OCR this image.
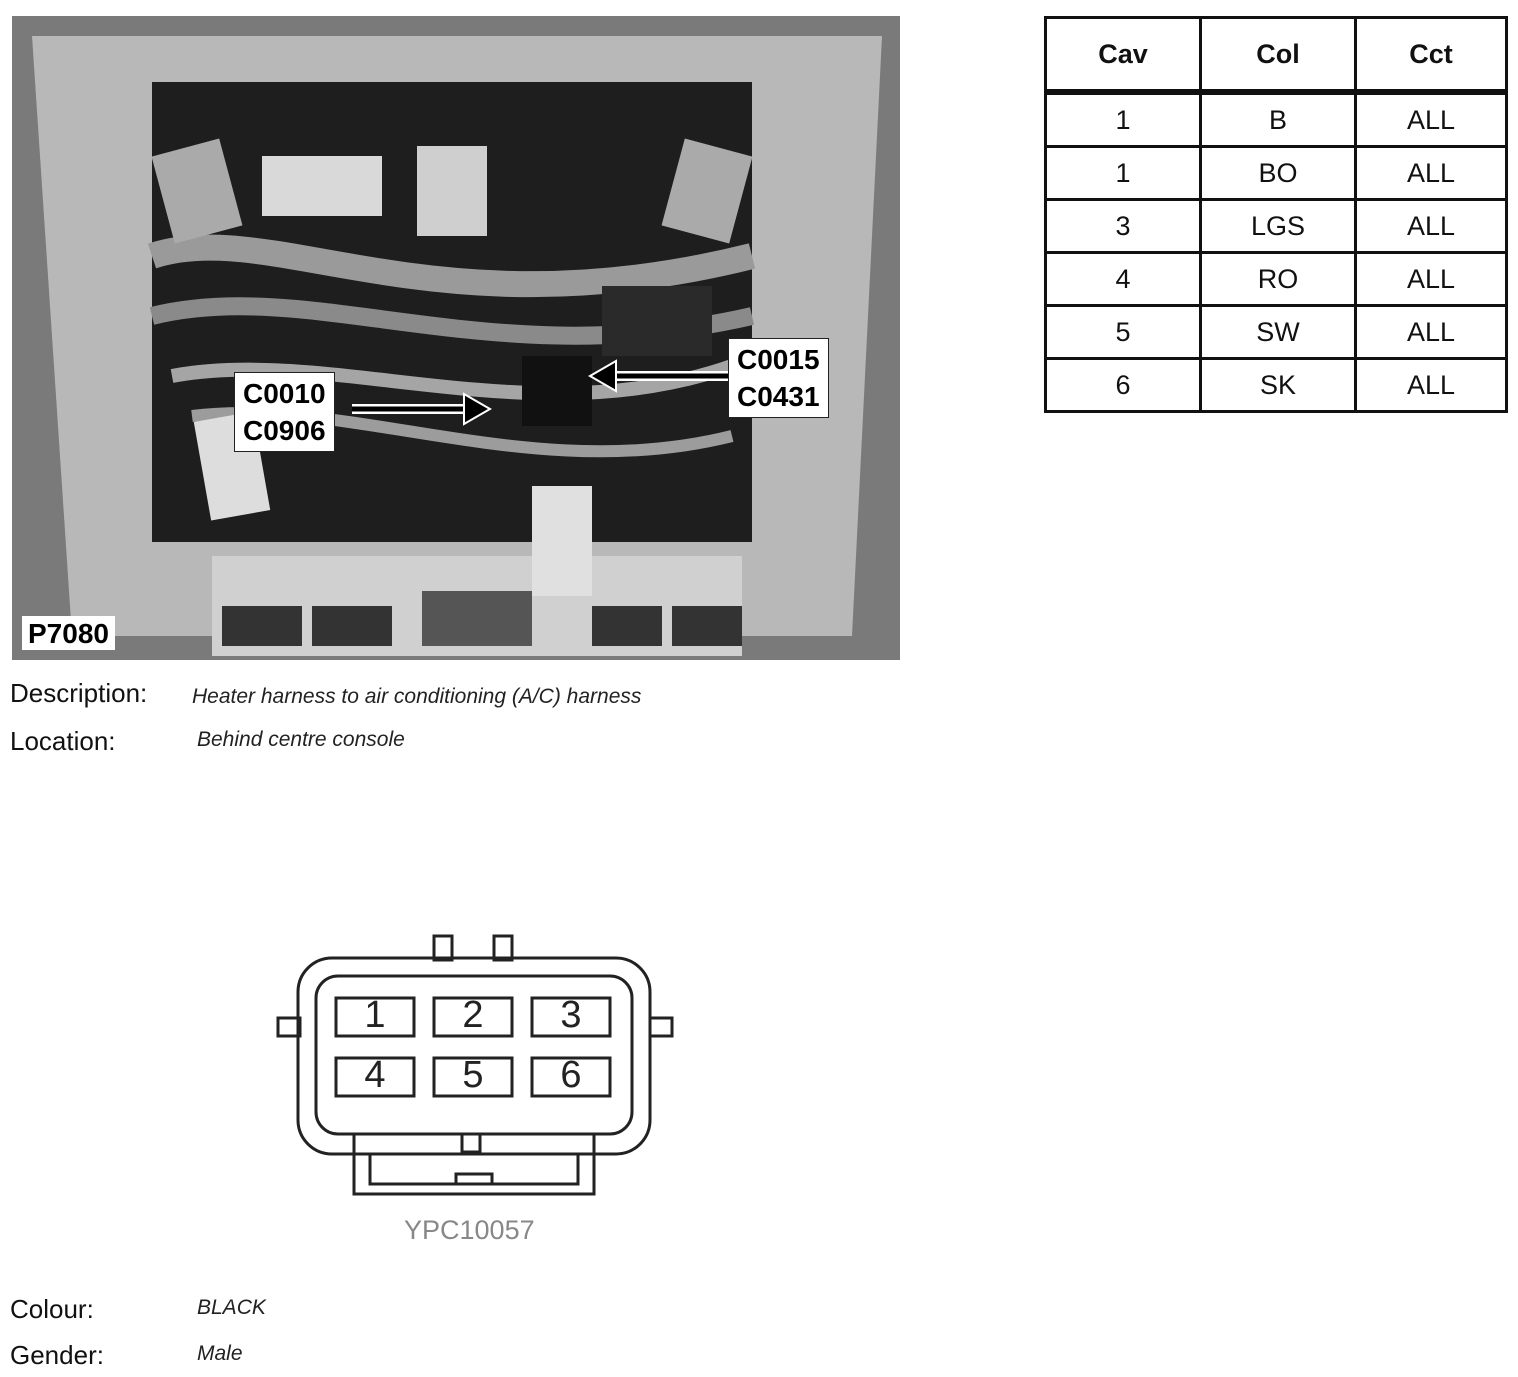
C0010
C0906
C0015
C0431
P7080
Description: Heater harness to air conditioning (A/C) harness
Location:	Behind centre console
Cav	Col	Cct
1	B	ALL
1	BO	ALL
3	LGS	ALL
4	RO	ALL
5	SW	ALL
6	SK	ALL
1	2	3
4	5	6
YPC10057
Colour:	BLACK
Gender:	Male
